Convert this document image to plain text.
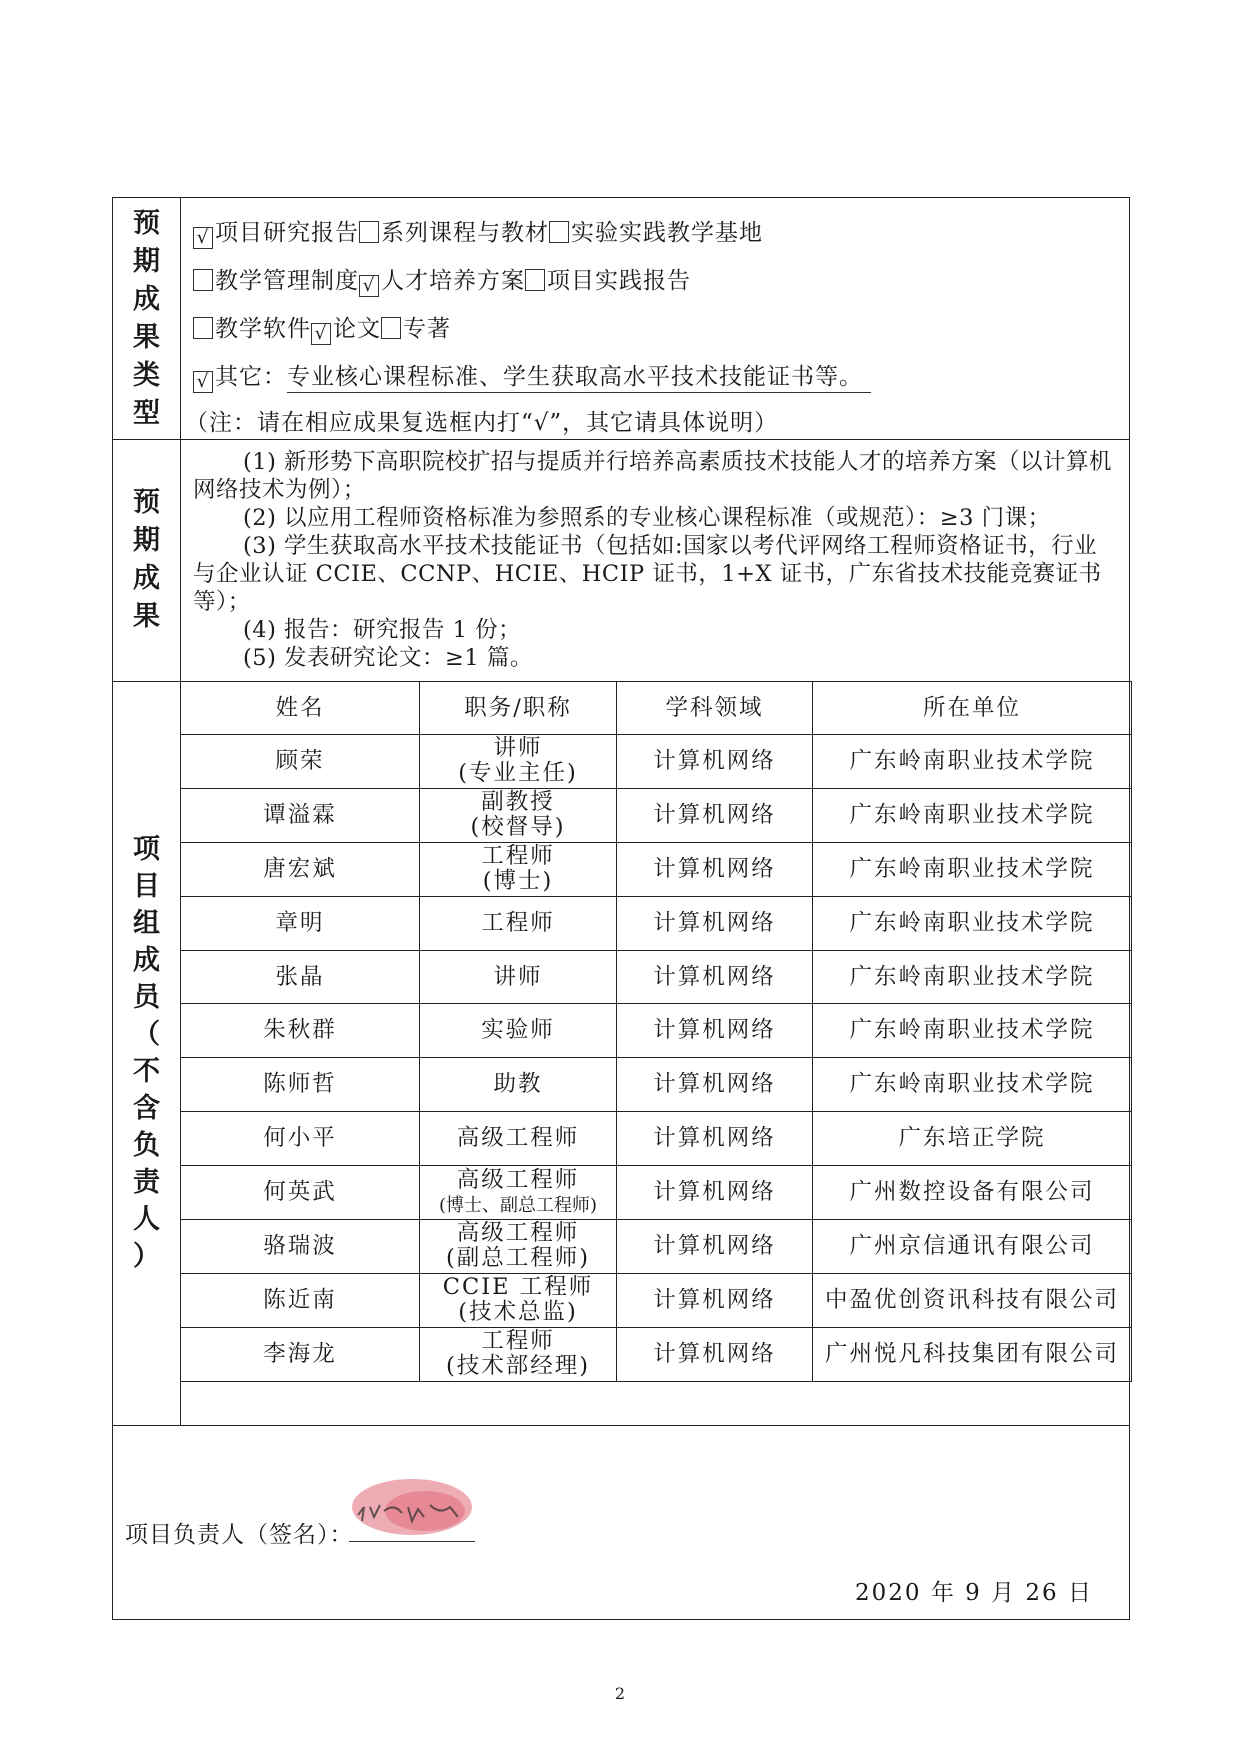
预
期
成
果
类
型
√ 项目研究报告 系列课程与教材 实验实践教学基地
教学管理制度 √ 人才培养方案 项目实践报告
教学软件 √ 论文 专著
√ 其它：专业核心课程标准、学生获取高水平技术技能证书等。
（注：请在相应成果复选框内打“√”，其它请具体说明）
预
期
成
果

(1) 新形势下高职院校扩招与提质并行培养高素质技术技能人才的培养方案（以计算机网络技术为例）；

(2) 以应用工程师资格标准为参照系的专业核心课程标准（或规范）：≥3 门课；

(3) 学生获取高水平技术技能证书（包括如:国家以考代评网络工程师资格证书，行业与企业认证 CCIE、CCNP、HCIE、HCIP 证书，1+X 证书，广东省技术技能竞赛证书等）；

(4) 报告：研究报告 1 份；

(5) 发表研究论文：≥1 篇。

项
目
组
成
员
（
不
含
负
责
人
）
姓名	职务/职称	学科领域	所在单位
顾荣	讲师
(专业主任)	计算机网络	广东岭南职业技术学院
谭溢霖	副教授
(校督导)	计算机网络	广东岭南职业技术学院
唐宏斌	工程师
(博士)	计算机网络	广东岭南职业技术学院
章明	工程师	计算机网络	广东岭南职业技术学院
张晶	讲师	计算机网络	广东岭南职业技术学院
朱秋群	实验师	计算机网络	广东岭南职业技术学院
陈师哲	助教	计算机网络	广东岭南职业技术学院
何小平	高级工程师	计算机网络	广东培正学院
何英武	高级工程师
(博士、副总工程师)	计算机网络	广州数控设备有限公司
骆瑞波	高级工程师
(副总工程师)	计算机网络	广州京信通讯有限公司
陈近南	CCIE 工程师
(技术总监)	计算机网络	中盈优创资讯科技有限公司
李海龙	工程师
(技术部经理)	计算机网络	广州悦凡科技集团有限公司
项目负责人（签名）：
2020 年 9 月 26 日
2
